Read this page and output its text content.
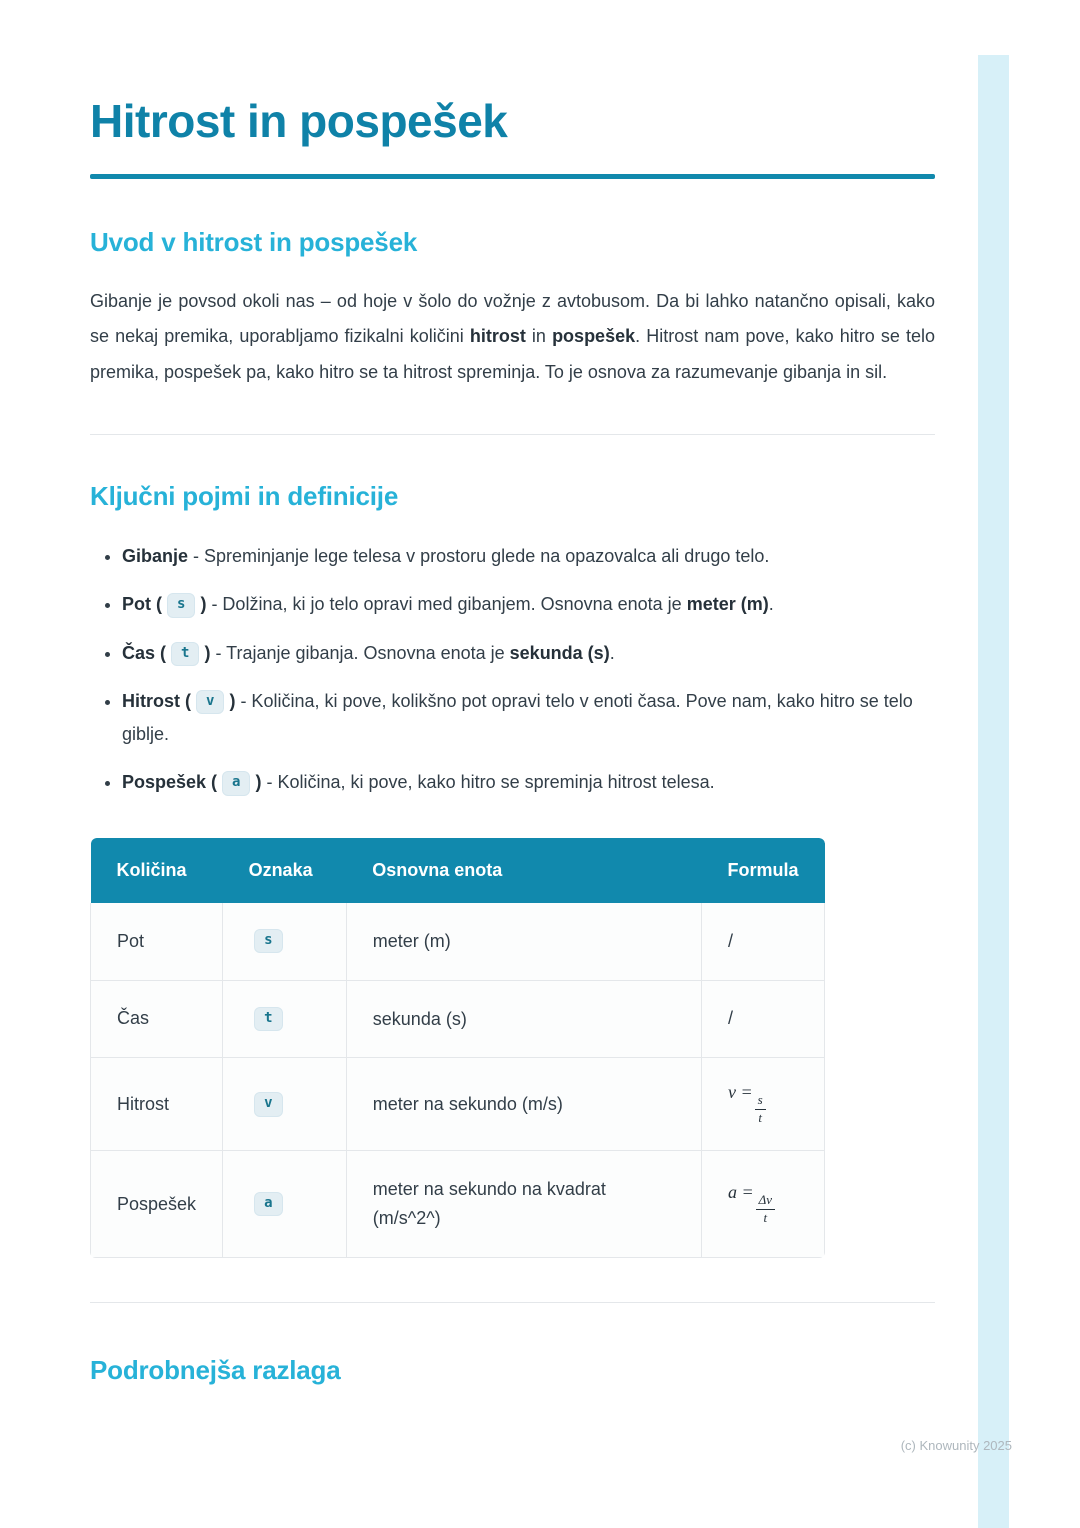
Hitrost in pospešek
Uvod v hitrost in pospešek

Gibanje je povsod okoli nas – od hoje v šolo do vožnje z avtobusom. Da bi lahko natančno opisali, kako se nekaj premika, uporabljamo fizikalni količini hitrost in pospešek. Hitrost nam pove, kako hitro se telo premika, pospešek pa, kako hitro se ta hitrost spreminja. To je osnova za razumevanje gibanja in sil.

Ključni pojmi in definicije
• Gibanje - Spreminjanje lege telesa v prostoru glede na opazovalca ali drugo telo.
• Pot ( s ) - Dolžina, ki jo telo opravi med gibanjem. Osnovna enota je meter (m).
• Čas ( t ) - Trajanje gibanja. Osnovna enota je sekunda (s).
• Hitrost ( v ) - Količina, ki pove, kolikšno pot opravi telo v enoti časa. Pove nam, kako hitro se telo giblje.
• Pospešek ( a ) - Količina, ki pove, kako hitro se spreminja hitrost telesa.
Količina	Oznaka	Osnovna enota	Formula
Pot	s	meter (m)	/
Čas	t	sekunda (s)	/
Hitrost	v	meter na sekundo (m/s)	v =
$\frac{s}{t}$

Pospešek	a	meter na sekundo na kvadrat (m/s^2^)	a =
$\frac{\Delta v}{t}$
Podrobnejša razlaga
(c) Knowunity 2025
